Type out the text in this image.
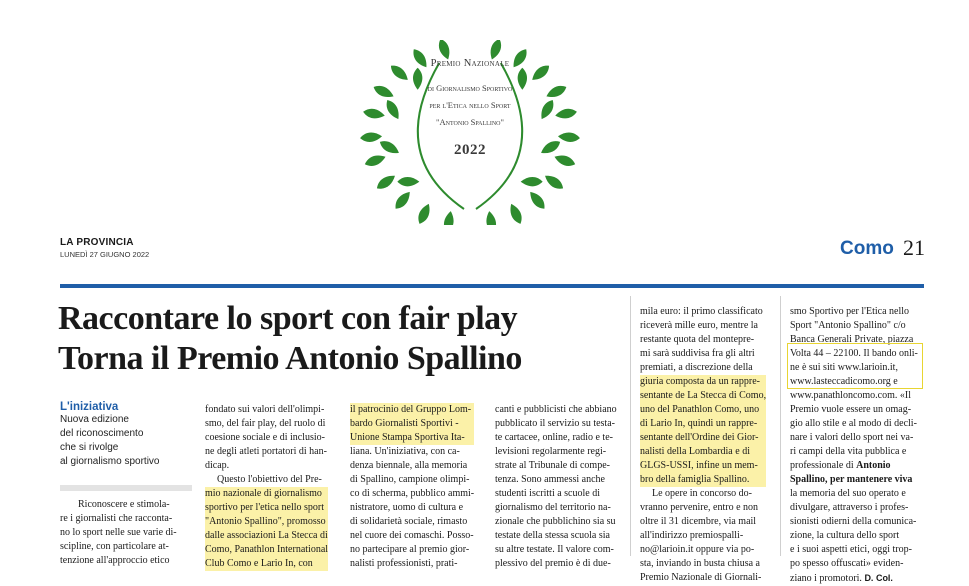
Premio Nazionale
di Giornalismo Sportivo
per l'Etica nello Sport
"Antonio Spallino"
2022
LA PROVINCIA
LUNEDÌ 27 GIUGNO 2022	Como 21
Raccontare lo sport con fair play
Torna il Premio Antonio Spallino
L'iniziativa
Nuova edizione
del riconoscimento
che si rivolge
al giornalismo sportivo
Riconoscere e stimola-
re i giornalisti che racconta-
no lo sport nelle sue varie di-
scipline, con particolare at-
tenzione all'approccio etico
fondato sui valori dell'olimpi-
smo, del fair play, del ruolo di
coesione sociale e di inclusio-
ne degli atleti portatori di han-
dicap.
Questo l'obiettivo del Pre-
mio nazionale di giornalismo
sportivo per l'etica nello sport
"Antonio Spallino", promosso
dalle associazioni La Stecca di
Como, Panathlon International
Club Como e Lario In, con
il patrocinio del Gruppo Lom-
bardo Giornalisti Sportivi -
Unione Stampa Sportiva Ita-
liana. Un'iniziativa, con ca-
denza biennale, alla memoria
di Spallino, campione olimpi-
co di scherma, pubblico ammi-
nistratore, uomo di cultura e
di solidarietà sociale, rimasto
nel cuore dei comaschi. Posso-
no partecipare al premio gior-
nalisti professionisti, prati-
canti e pubblicisti che abbiano
pubblicato il servizio su testa-
te cartacee, online, radio e te-
levisioni regolarmente regi-
strate al Tribunale di compe-
tenza. Sono ammessi anche
studenti iscritti a scuole di
giornalismo del territorio na-
zionale che pubblichino sia su
testate della stessa scuola sia
su altre testate. Il valore com-
plessivo del premio è di due-
mila euro: il primo classificato
riceverà mille euro, mentre la
restante quota del montepre-
mi sarà suddivisa fra gli altri
premiati, a discrezione della
giuria composta da un rappre-
sentante de La Stecca di Como,
uno del Panathlon Como, uno
di Lario In, quindi un rappre-
sentante dell'Ordine dei Gior-
nalisti della Lombardia e di
GLGS-USSI, infine un mem-
bro della famiglia Spallino.
Le opere in concorso do-
vranno pervenire, entro e non
oltre il 31 dicembre, via mail
all'indirizzo premiospalli-
no@larioin.it oppure via po-
sta, inviando in busta chiusa a
Premio Nazionale di Giornali-
smo Sportivo per l'Etica nello
Sport "Antonio Spallino" c/o
Banca Generali Private, piazza
Volta 44 – 22100. Il bando onli-
ne è sui siti www.larioin.it,
www.lasteccadicomo.org e
www.panathloncomo.com. «Il
Premio vuole essere un omag-
gio allo stile e al modo di decli-
nare i valori dello sport nei va-
ri campi della vita pubblica e
professionale di Antonio
Spallino, per mantenere viva
la memoria del suo operato e
divulgare, attraverso i profes-
sionisti odierni della comunica-
zione, la cultura dello sport
e i suoi aspetti etici, oggi trop-
po spesso offuscati» eviden-
ziano i promotori. D. Col.
